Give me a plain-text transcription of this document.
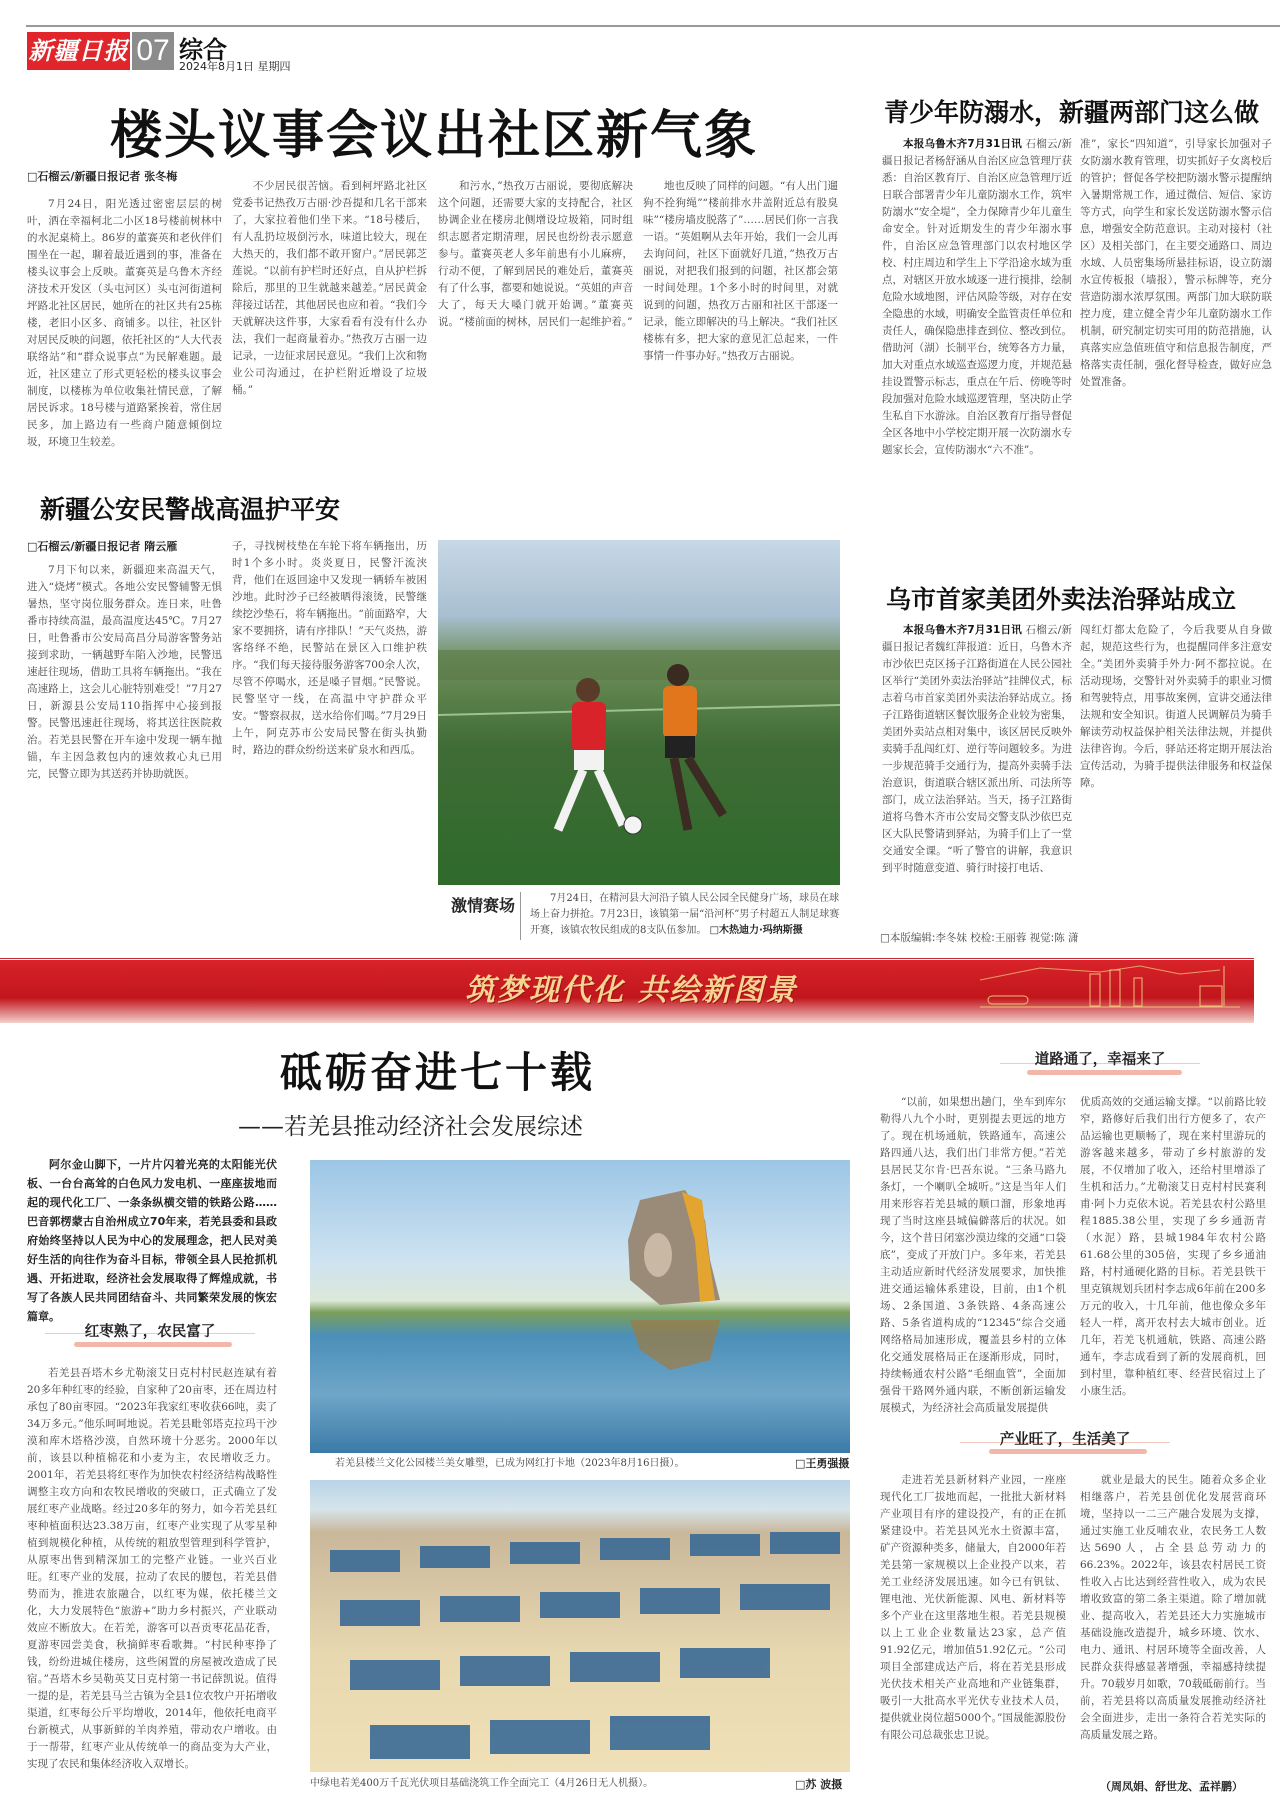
新疆日报 07 综合
2024年8月1日 星期四
楼头议事会议出社区新气象
□石榴云/新疆日报记者 张冬梅

7月24日，阳光透过密密层层的树叶，洒在幸福柯北二小区18号楼前树林中的水泥桌椅上。86岁的董赛英和老伙伴们围坐在一起，聊着最近遇到的事，准备在楼头议事会上反映。董赛英是乌鲁木齐经济技术开发区（头屯河区）头屯河街道柯坪路北社区居民，她所在的社区共有25栋楼，老旧小区多、商铺多。以往，社区针对居民反映的问题，依托社区的“人大代表联络站”和“群众说事点”为民解难题。最近，社区建立了形式更轻松的楼头议事会制度，以楼栋为单位收集社情民意，了解居民诉求。18号楼与道路紧挨着，常住居民多，加上路边有一些商户随意倾倒垃圾，环境卫生较差。

不少居民很苦恼。看到柯坪路北社区党委书记热孜万古丽·沙吾提和几名干部来了，大家拉着他们坐下来。“18号楼后，有人乱扔垃圾倒污水，味道比较大，现在大热天的，我们都不敢开窗户。”居民郭芝莲说。“以前有护栏时还好点，自从护栏拆除后，那里的卫生就越来越差。”居民黄金萍接过话茬，其他居民也应和着。“我们今天就解决这件事，大家看看有没有什么办法，我们一起商量着办。”热孜万古丽一边记录，一边征求居民意见。“我们上次和物业公司沟通过，在护栏附近增设了垃圾桶。”

和污水，”热孜万古丽说，要彻底解决这个问题，还需要大家的支持配合，社区协调企业在楼房北侧增设垃圾箱，同时组织志愿者定期清理，居民也纷纷表示愿意参与。董赛英老人多年前患有小儿麻痹，行动不便，了解到居民的难处后，董赛英有了什么事，都要和她说说。“英姐的声音大了，每天大嗓门就开始调。”董赛英说。“楼前面的树林，居民们一起维护着。”

地也反映了同样的问题。“有人出门遛狗不拴狗绳”“楼前排水井盖附近总有股臭味”“楼房墙皮脱落了”……居民们你一言我一语。“英姐啊从去年开始，我们一会儿再去询问问，社区下面就好几道，”热孜万古丽说，对把我们报到的问题，社区都会第一时间处理。1个多小时的时间里，对就说到的问题，热孜万古丽和社区干部逐一记录，能立即解决的马上解决。“我们社区楼栋有多，把大家的意见汇总起来，一件事情一件事办好。”热孜万古丽说。

青少年防溺水，新疆两部门这么做

本报乌鲁木齐7月31日讯 石榴云/新疆日报记者杨舒涵从自治区应急管理厅获悉：自治区教育厅、自治区应急管理厅近日联合部署青少年儿童防溺水工作，筑牢防溺水“安全堤”，全力保障青少年儿童生命安全。针对近期发生的青少年溺水事件，自治区应急管理部门以农村地区学校、村庄周边和学生上下学沿途水域为重点，对辖区开放水域逐一进行摸排，绘制危险水域地图，评估风险等级，对存在安全隐患的水域，明确安全监管责任单位和责任人，确保隐患排查到位、整改到位。借助河（湖）长制平台，统筹各方力量，加大对重点水域巡查巡逻力度，并规范悬挂设置警示标志，重点在午后、傍晚等时段加强对危险水域巡逻管理，坚决防止学生私自下水游泳。自治区教育厅指导督促全区各地中小学校定期开展一次防溺水专题家长会，宣传防溺水“六不准”。

准”，家长“四知道”，引导家长加强对子女防溺水教育管理，切实抓好子女离校后的管护；督促各学校把防溺水警示提醒纳入暑期常规工作，通过微信、短信、家访等方式，向学生和家长发送防溺水警示信息，增强安全防范意识。主动对接村（社区）及相关部门，在主要交通路口、周边水域、人员密集场所悬挂标语，设立防溺水宣传板报（墙报），警示标牌等，充分营造防溺水浓厚氛围。两部门加大联防联控力度，建立健全青少年儿童防溺水工作机制，研究制定切实可用的防范措施，认真落实应急值班值守和信息报告制度，严格落实责任制，强化督导检查，做好应急处置准备。

新疆公安民警战高温护平安
□石榴云/新疆日报记者 隋云雁

7月下旬以来，新疆迎来高温天气，进入“烧烤”模式。各地公安民警辅警无惧暑热，坚守岗位服务群众。连日来，吐鲁番市持续高温，最高温度达45℃。7月27日，吐鲁番市公安局高昌分局游客警务站接到求助，一辆越野车陷入沙地，民警迅速赶往现场，借助工具将车辆拖出。“我在高速路上，这会儿心脏特别难受！”7月27日，新源县公安局110指挥中心接到报警。民警迅速赶往现场，将其送往医院救治。若羌县民警在开车途中发现一辆车抛锚，车主因急救包内的速效救心丸已用完，民警立即为其送药并协助就医。

子，寻找树枝垫在车轮下将车辆拖出，历时1个多小时。炎炎夏日，民警汗流浃背，他们在返回途中又发现一辆轿车被困沙地。此时沙子已经被晒得滚烫，民警继续挖沙垫石，将车辆拖出。“前面路窄，大家不要拥挤，请有序排队！”天气炎热，游客络绎不绝，民警站在景区入口维护秩序。“我们每天接待服务游客700余人次，尽管不停喝水，还是嗓子冒烟。”民警说。民警坚守一线，在高温中守护群众平安。“警察叔叔，送水给你们喝。”7月29日上午，阿克苏市公安局民警在街头执勤时，路边的群众纷纷送来矿泉水和西瓜。

激情赛场	7月24日，在精河县大河沿子镇人民公园全民健身广场，球员在球场上奋力拼抢。7月23日，该镇第一届“沿河杯”男子村超五人制足球赛开赛，该镇农牧民组成的8支队伍参加。 □木热迪力·玛纳斯摄
乌市首家美团外卖法治驿站成立

本报乌鲁木齐7月31日讯 石榴云/新疆日报记者魏红萍报道：近日，乌鲁木齐市沙依巴克区扬子江路街道在人民公园社区举行“美团外卖法治驿站”挂牌仪式，标志着乌市首家美团外卖法治驿站成立。扬子江路街道辖区餐饮服务企业较为密集，美团外卖站点相对集中，该区居民反映外卖骑手乱闯红灯、逆行等问题较多。为进一步规范骑手交通行为，提高外卖骑手法治意识，街道联合辖区派出所、司法所等部门，成立法治驿站。当天，扬子江路街道将乌鲁木齐市公安局交警支队沙依巴克区大队民警请到驿站，为骑手们上了一堂交通安全课。“听了警官的讲解，我意识到平时随意变道、骑行时接打电话、

闯红灯都太危险了，今后我要从自身做起，规范这些行为，也提醒同伴多注意安全。”美团外卖骑手外力·阿不都拉说。在活动现场，交警针对外卖骑手的职业习惯和驾驶特点，用事故案例，宣讲交通法律法规和安全知识。街道人民调解员为骑手解读劳动权益保护相关法律法规，并提供法律咨询。今后，驿站还将定期开展法治宣传活动，为骑手提供法律服务和权益保障。

□本版编辑:李冬妹 校检:王丽蓉 视觉:陈 潇
筑梦现代化 共绘新图景
砥砺奋进七十载
——若羌县推动经济社会发展综述

阿尔金山脚下，一片片闪着光亮的太阳能光伏板、一台台高耸的白色风力发电机、一座座拔地而起的现代化工厂、一条条纵横交错的铁路公路……巴音郭楞蒙古自治州成立70年来，若羌县委和县政府始终坚持以人民为中心的发展理念，把人民对美好生活的向往作为奋斗目标，带领全县人民抢抓机遇、开拓进取，经济社会发展取得了辉煌成就，书写了各族人民共同团结奋斗、共同繁荣发展的恢宏篇章。

红枣熟了，农民富了

若羌县吾塔木乡尤勒滚艾日克村村民赵连斌有着20多年种红枣的经验，自家种了20亩枣，还在周边村承包了80亩枣园。“2023年我家红枣收获66吨，卖了34万多元。”他乐呵呵地说。若羌县毗邻塔克拉玛干沙漠和库木塔格沙漠，自然环境十分恶劣。2000年以前，该县以种植棉花和小麦为主，农民增收乏力。2001年，若羌县将红枣作为加快农村经济结构战略性调整主攻方向和农牧民增收的突破口，正式确立了发展红枣产业战略。经过20多年的努力，如今若羌县红枣种植面积达23.38万亩，红枣产业实现了从零星种植到规模化种植，从传统的粗放型管理到科学管护，从原枣出售到精深加工的完整产业链。一业兴百业旺。红枣产业的发展，拉动了农民的腰包，若羌县借势而为，推进农旅融合，以红枣为媒，依托楼兰文化，大力发展特色“旅游+”助力乡村振兴，产业联动效应不断放大。在若羌，游客可以吾贡枣花品花香，夏游枣园尝美食，秋摘鲜枣看歌舞。“村民种枣挣了钱，纷纷进城住楼房，这些闲置的房屋被改造成了民宿。”吾塔木乡吴勒英艾日克村第一书记薛凯说。值得一提的是，若羌县马兰古镇为全县1位农牧户开拓增收渠道，红枣每公斤平均增收，2014年，他依托电商平台新模式，从事新鲜的羊肉养殖，带动农户增收。由于一帮带，红枣产业从传统单一的商品变为大产业，实现了农民和集体经济收入双增长。

若羌县楼兰文化公园楼兰美女雕塑，已成为网红打卡地（2023年8月16日摄）。	□王勇强摄
中绿电若羌400万千瓦光伏项目基础浇筑工作全面完工（4月26日无人机摄）。	□苏 波摄
道路通了，幸福来了

“以前，如果想出趟门，坐车到库尔勒得八九个小时，更别提去更远的地方了。现在机场通航，铁路通车，高速公路四通八达，我们出门非常方便。”若羌县居民艾尔肯·巴吾东说。“三条马路九条灯，一个喇叭全城听。”这是当年人们用来形容若羌县城的顺口溜，形象地再现了当时这座县城偏僻落后的状况。如今，这个昔日闭塞沙漠边缘的交通“口袋底”，变成了开放门户。多年来，若羌县主动适应新时代经济发展要求，加快推进交通运输体系建设，目前，由1个机场、2条国道、3条铁路、4条高速公路、5条省道构成的“12345”综合交通网络格局加速形成，覆盖县乡村的立体化交通发展格局正在逐渐形成，同时，持续畅通农村公路“毛细血管”，全面加强骨干路网外通内联，不断创新运输发展模式，为经济社会高质量发展提供

优质高效的交通运输支撑。“以前路比较窄，路修好后我们出行方便多了，农产品运输也更顺畅了，现在来村里游玩的游客越来越多，带动了乡村旅游的发展，不仅增加了收入，还给村里增添了生机和活力。”尤勒滚艾日克村村民赛利甫·阿卜力克依木说。若羌县农村公路里程1885.38公里，实现了乡乡通沥青（水泥）路，县城1984年农村公路61.68公里的305倍，实现了乡乡通油路，村村通硬化路的目标。若羌县铁干里克镇规划兵团村李志成6年前在200多万元的收入，十几年前，他也像众多年轻人一样，离开农村去大城市创业。近几年，若羌飞机通航，铁路、高速公路通车，李志成看到了新的发展商机，回到村里，靠种植红枣、经营民宿过上了小康生活。

产业旺了，生活美了

走进若羌县新材料产业园，一座座现代化工厂拔地而起，一批批大新材料产业项目有序的建设投产，有的正在抓紧建设中。若羌县风光水土资源丰富，矿产资源种类多，储量大，自2000年若羌县第一家规模以上企业投产以来，若羌工业经济发展迅速。如今已有钒钛、锂电池、光伏新能源、风电、新材料等多个产业在这里落地生根。若羌县规模以上工业企业数量达23家，总产值91.92亿元，增加值51.92亿元。“公司项目全部建成达产后，将在若羌县形成光伏技术相关产业高地和产业链集群，吸引一大批高水平光伏专业技术人员，提供就业岗位超5000个。”国晟能源股份有限公司总裁张忠卫说。

就业是最大的民生。随着众多企业相继落户，若羌县创优化发展营商环境，坚持以一二三产融合发展为支撑，通过实施工业反哺农业，农民务工人数达5690人，占全县总劳动力的66.23%。2022年，该县农村居民工资性收入占比达到经营性收入，成为农民增收致富的第二条主渠道。除了增加就业、提高收入，若羌县还大力实施城市基础设施改造提升，城乡环境、饮水、电力、通讯、村居环境等全面改善，人民群众获得感显著增强，幸福感持续提升。70载岁月如歌，70载砥砺前行。当前，若羌县将以高质量发展推动经济社会全面进步，走出一条符合若羌实际的高质量发展之路。

（周凤娟、舒世龙、孟祥鹏）
